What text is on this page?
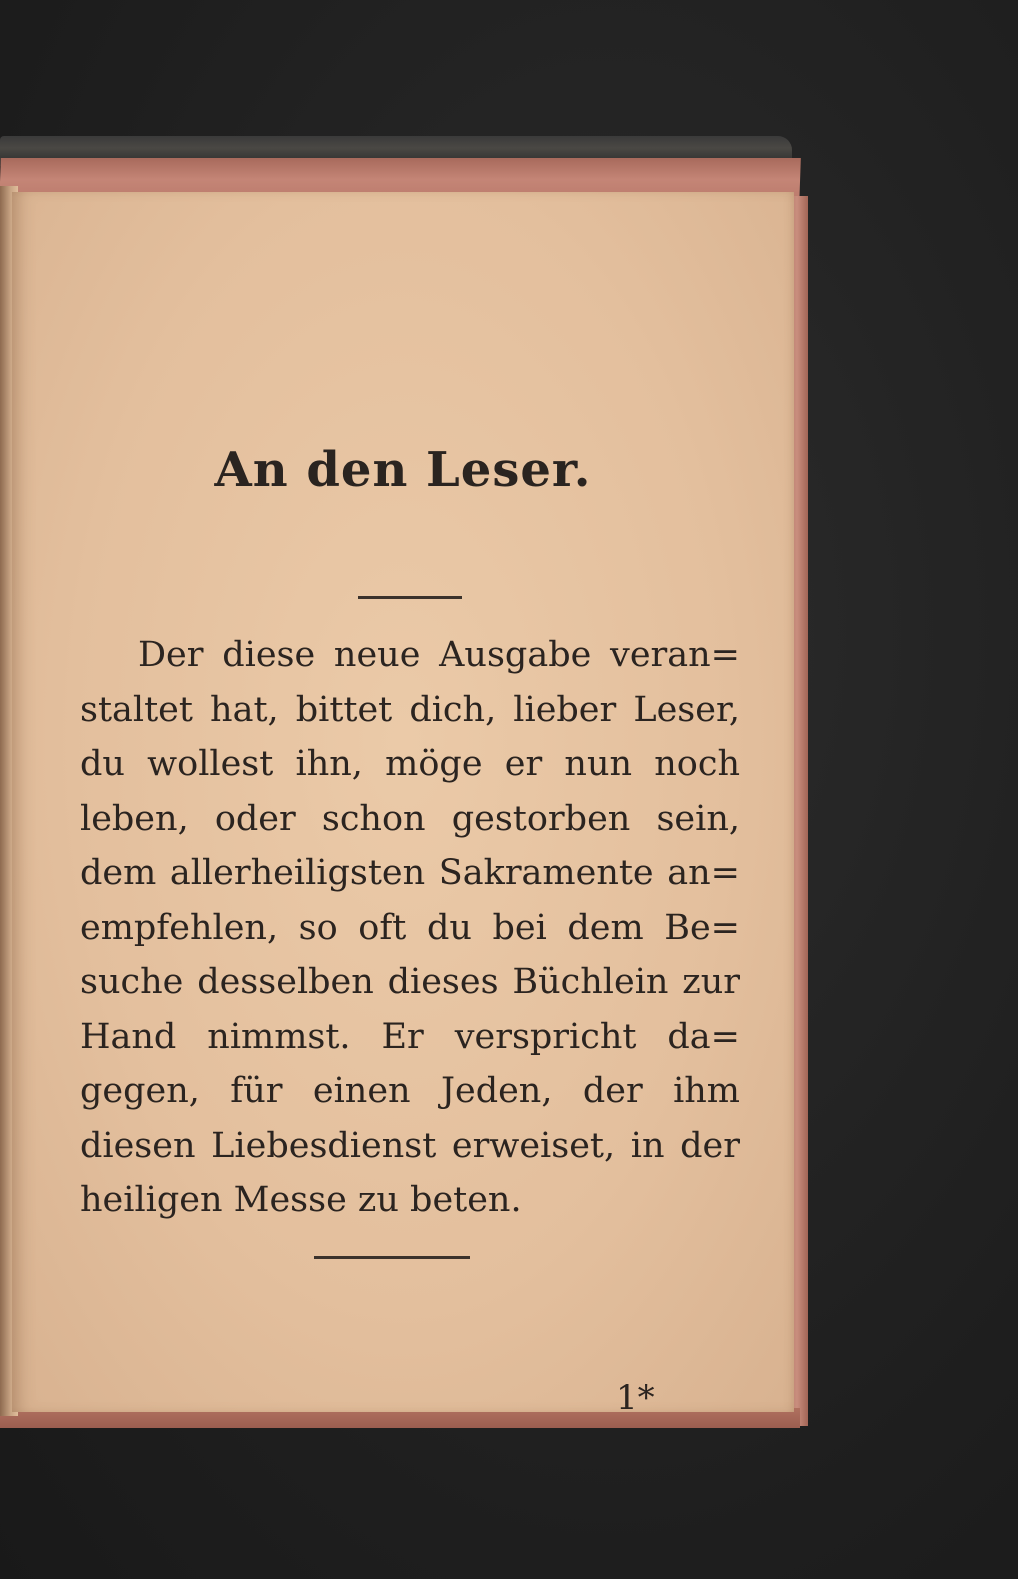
An den Leser.
Der diese neue Ausgabe veran=
staltet hat, bittet dich, lieber Leser,
du wollest ihn, möge er nun noch
leben, oder schon gestorben sein,
dem allerheiligsten Sakramente an=
empfehlen, so oft du bei dem Be=
suche desselben dieses Büchlein zur
Hand nimmst. Er verspricht da=
gegen, für einen Jeden, der ihm
diesen Liebesdienst erweiset, in der
heiligen Messe zu beten.
1*
